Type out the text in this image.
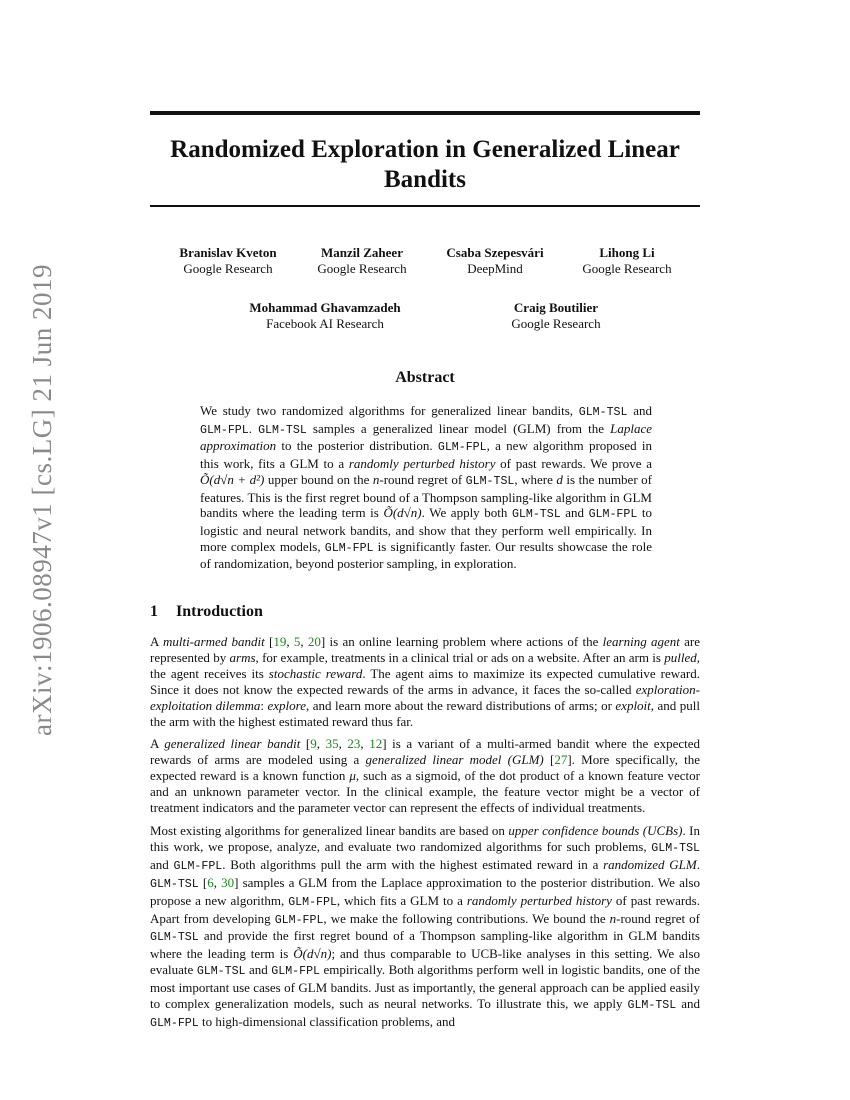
arXiv:1906.08947v1 [cs.LG] 21 Jun 2019
Randomized Exploration in Generalized Linear
Bandits
Branislav Kveton
Google Research
Manzil Zaheer
Google Research
Csaba Szepesvári
DeepMind
Lihong Li
Google Research
Mohammad Ghavamzadeh
Facebook AI Research
Craig Boutilier
Google Research
Abstract

We study two randomized algorithms for generalized linear bandits, GLM-TSL and GLM-FPL. GLM-TSL samples a generalized linear model (GLM) from the Laplace approximation to the posterior distribution. GLM-FPL, a new algorithm proposed in this work, fits a GLM to a randomly perturbed history of past rewards. We prove a Õ(d√n + d²) upper bound on the n-round regret of GLM-TSL, where d is the number of features. This is the first regret bound of a Thompson sampling-like algorithm in GLM bandits where the leading term is Õ(d√n). We apply both GLM-TSL and GLM-FPL to logistic and neural network bandits, and show that they perform well empirically. In more complex models, GLM-FPL is significantly faster. Our results showcase the role of randomization, beyond posterior sampling, in exploration.

1 Introduction

A multi-armed bandit [19, 5, 20] is an online learning problem where actions of the learning agent are represented by arms, for example, treatments in a clinical trial or ads on a website. After an arm is pulled, the agent receives its stochastic reward. The agent aims to maximize its expected cumulative reward. Since it does not know the expected rewards of the arms in advance, it faces the so-called exploration-exploitation dilemma: explore, and learn more about the reward distributions of arms; or exploit, and pull the arm with the highest estimated reward thus far.

A generalized linear bandit [9, 35, 23, 12] is a variant of a multi-armed bandit where the expected rewards of arms are modeled using a generalized linear model (GLM) [27]. More specifically, the expected reward is a known function μ, such as a sigmoid, of the dot product of a known feature vector and an unknown parameter vector. In the clinical example, the feature vector might be a vector of treatment indicators and the parameter vector can represent the effects of individual treatments.

Most existing algorithms for generalized linear bandits are based on upper confidence bounds (UCBs). In this work, we propose, analyze, and evaluate two randomized algorithms for such problems, GLM-TSL and GLM-FPL. Both algorithms pull the arm with the highest estimated reward in a randomized GLM. GLM-TSL [6, 30] samples a GLM from the Laplace approximation to the posterior distribution. We also propose a new algorithm, GLM-FPL, which fits a GLM to a randomly perturbed history of past rewards. Apart from developing GLM-FPL, we make the following contributions. We bound the n-round regret of GLM-TSL and provide the first regret bound of a Thompson sampling-like algorithm in GLM bandits where the leading term is Õ(d√n); and thus comparable to UCB-like analyses in this setting. We also evaluate GLM-TSL and GLM-FPL empirically. Both algorithms perform well in logistic bandits, one of the most important use cases of GLM bandits. Just as importantly, the general approach can be applied easily to complex generalization models, such as neural networks. To illustrate this, we apply GLM-TSL and GLM-FPL to high-dimensional classification problems, and
